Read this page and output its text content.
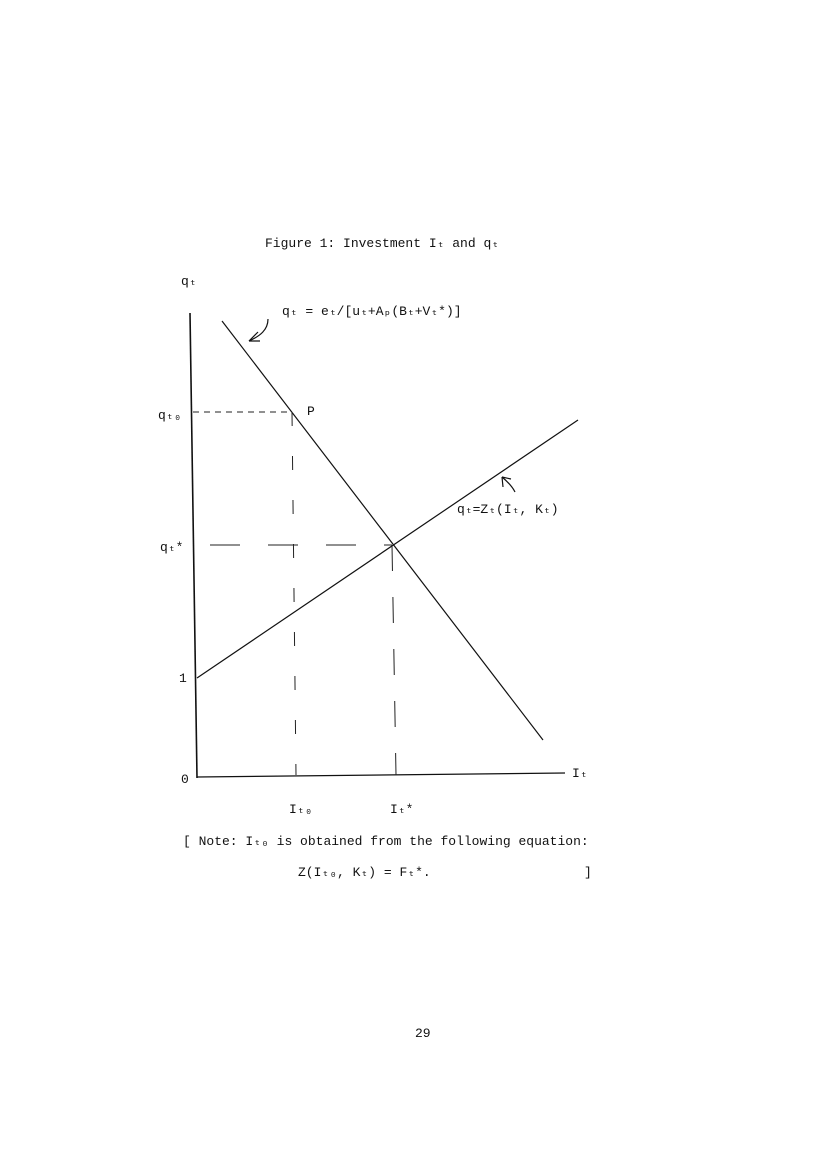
Figure 1: Investment Iₜ and qₜ
qₜ
qₜ = eₜ/[uₜ+Aₚ(Bₜ+Vₜ*)]
qₜ=Zₜ(Iₜ, Kₜ)
P
qₜ₀
qₜ*
1
0	Iₜ
Iₜ₀	Iₜ*
[ Note: Iₜ₀ is obtained from the following equation:
Z(Iₜ₀, Kₜ) = Fₜ*.	]
29
